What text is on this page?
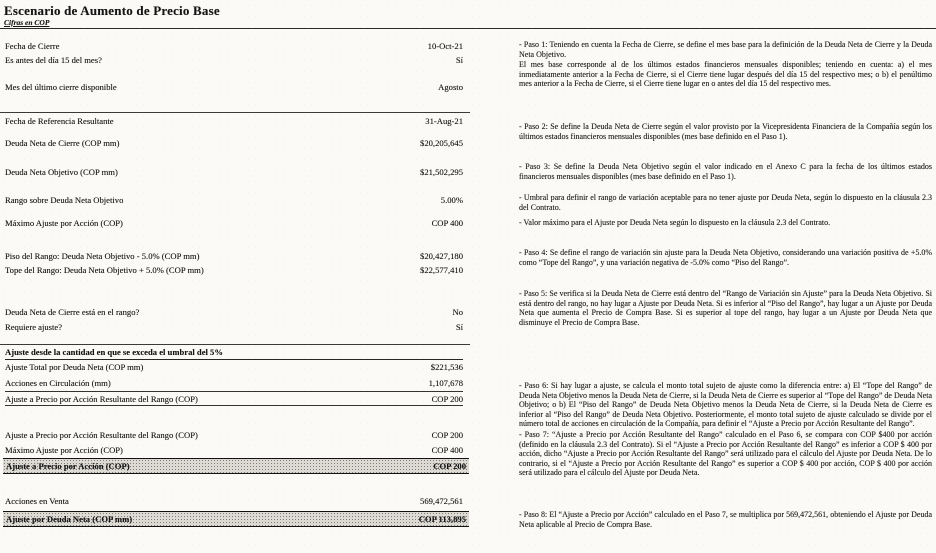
Escenario de Aumento de Precio Base
Cifras en COP
Fecha de Cierre	10-Oct-21
Es antes del día 15 del mes?	Sí
Mes del último cierre disponible	Agosto
Fecha de Referencia Resultante	31-Aug-21
Deuda Neta de Cierre (COP mm)	$20,205,645
Deuda Neta Objetivo (COP mm)	$21,502,295
Rango sobre Deuda Neta Objetivo	5.00%
Máximo Ajuste por Acción (COP)	COP 400
Piso del Rango: Deuda Neta Objetivo - 5.0% (COP mm)	$20,427,180
Tope del Rango: Deuda Neta Objetivo + 5.0% (COP mm)	$22,577,410
Deuda Neta de Cierre está en el rango?	No
Requiere ajuste?	Sí
Ajuste desde la cantidad en que se exceda el umbral del 5%
Ajuste Total por Deuda Neta (COP mm)	$221,536
Acciones en Circulación (mm)	1,107,678
Ajuste a Precio por Acción Resultante del Rango (COP)	COP 200
Ajuste a Precio por Acción Resultante del Rango (COP)	COP 200
Máximo Ajuste por Acción (COP)	COP 400
Ajuste a Precio por Acción (COP)	COP 200
Acciones en Venta	569,472,561
Ajuste por Deuda Neta (COP mm)	COP 113,895
- Paso 1: Teniendo en cuenta la Fecha de Cierre, se define el mes base para la definición de la Deuda Neta de Cierre y la Deuda Neta Objetivo.
El mes base corresponde al de los últimos estados financieros mensuales disponibles; teniendo en cuenta: a) el mes inmediatamente anterior a la Fecha de Cierre, si el Cierre tiene lugar después del día 15 del respectivo mes; o b) el penúltimo mes anterior a la Fecha de Cierre, si el Cierre tiene lugar en o antes del día 15 del respectivo mes.
- Paso 2: Se define la Deuda Neta de Cierre según el valor provisto por la Vicepresidenta Financiera de la Compañía según los últimos estados financieros mensuales disponibles (mes base definido en el Paso 1).
- Paso 3: Se define la Deuda Neta Objetivo según el valor indicado en el Anexo C para la fecha de los últimos estados financieros mensuales disponibles (mes base definido en el Paso 1).
- Umbral para definir el rango de variación aceptable para no tener ajuste por Deuda Neta, según lo dispuesto en la cláusula 2.3 del Contrato.
- Valor máximo para el Ajuste por Deuda Neta según lo dispuesto en la cláusula 2.3 del Contrato.
- Paso 4: Se define el rango de variación sin ajuste para la Deuda Neta Objetivo, considerando una variación positiva de +5.0% como “Tope del Rango”, y una variación negativa de -5.0% como “Piso del Rango”.
- Paso 5: Se verifica si la Deuda Neta de Cierre está dentro del “Rango de Variación sin Ajuste” para la Deuda Neta Objetivo. Si está dentro del rango, no hay lugar a Ajuste por Deuda Neta. Si es inferior al “Piso del Rango”, hay lugar a un Ajuste por Deuda Neta que aumenta el Precio de Compra Base. Si es superior al tope del rango, hay lugar a un Ajuste por Deuda Neta que disminuye el Precio de Compra Base.
- Paso 6: Si hay lugar a ajuste, se calcula el monto total sujeto de ajuste como la diferencia entre: a) El “Tope del Rango” de Deuda Neta Objetivo menos la Deuda Neta de Cierre, si la Deuda Neta de Cierre es superior al “Tope del Rango” de Deuda Neta Objetivo; o b) El “Piso del Rango” de Deuda Neta Objetivo menos la Deuda Neta de Cierre, si la Deuda Neta de Cierre es inferior al “Piso del Rango” de Deuda Neta Objetivo. Posteriormente, el monto total sujeto de ajuste calculado se divide por el número total de acciones en circulación de la Compañía, para definir el “Ajuste a Precio por Acción Resultante del Rango”.
- Paso 7: “Ajuste a Precio por Acción Resultante del Rango” calculado en el Paso 6, se compara con COP $400 por acción (definido en la cláusula 2.3 del Contrato). Si el “Ajuste a Precio por Acción Resultante del Rango” es inferior a COP $ 400 por acción, dicho “Ajuste a Precio por Acción Resultante del Rango” será utilizado para el cálculo del Ajuste por Deuda Neta. De lo contrario, si el “Ajuste a Precio por Acción Resultante del Rango” es superior a COP $ 400 por acción, COP $ 400 por acción será utilizado para el cálculo del Ajuste por Deuda Neta.
- Paso 8: El “Ajuste a Precio por Acción” calculado en el Paso 7, se multiplica por 569,472,561, obteniendo el Ajuste por Deuda Neta aplicable al Precio de Compra Base.
